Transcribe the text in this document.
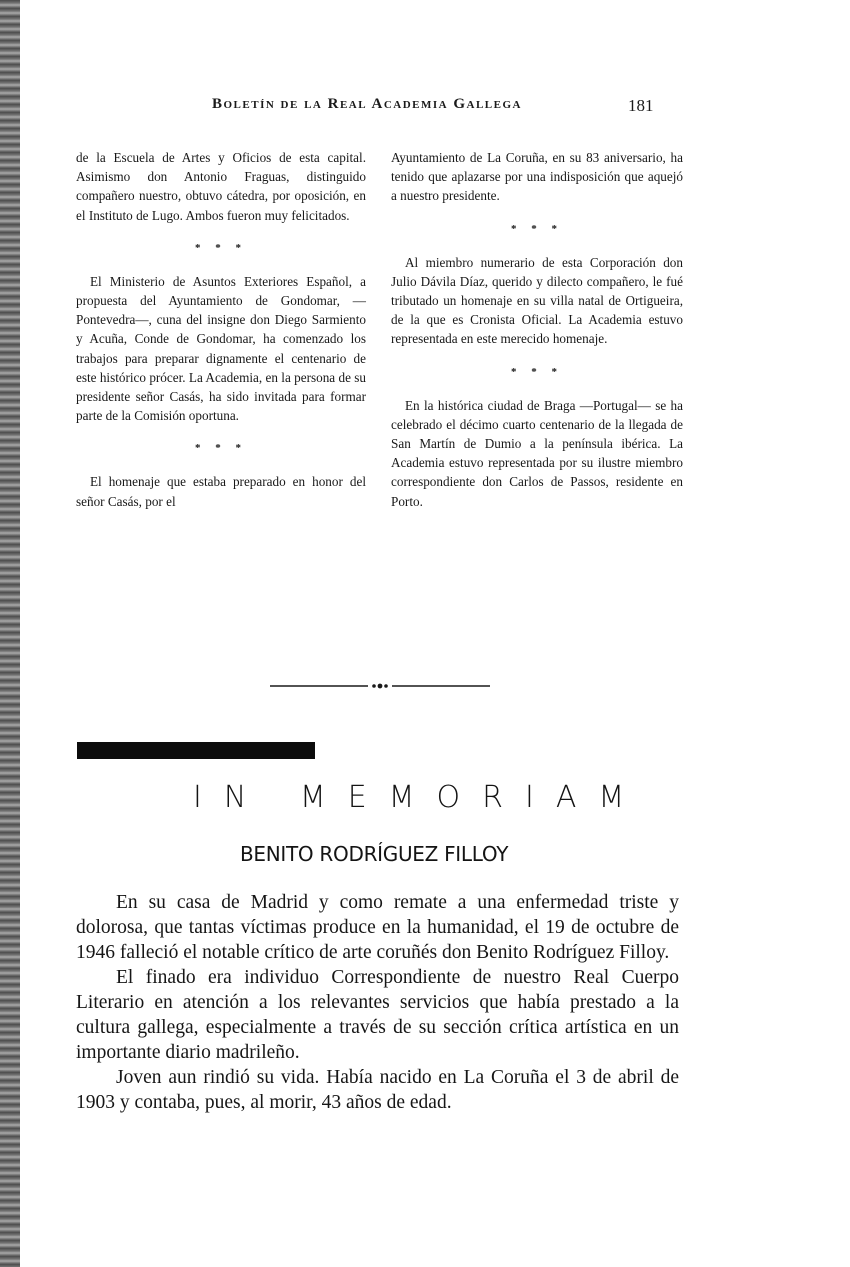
Boletín de la Real Academia Gallega	181

de la Escuela de Artes y Oficios de esta capital. Asimismo don Antonio Fraguas, distinguido compañero nuestro, obtuvo cátedra, por oposición, en el Instituto de Lugo. Ambos fueron muy felicitados.

* * *

El Ministerio de Asuntos Exteriores Español, a propuesta del Ayuntamiento de Gondomar, —Pontevedra—, cuna del insigne don Diego Sarmiento y Acuña, Conde de Gondomar, ha comenzado los trabajos para preparar dignamente el centenario de este histórico prócer. La Academia, en la persona de su presidente señor Casás, ha sido invitada para formar parte de la Comisión oportuna.

* * *

El homenaje que estaba preparado en honor del señor Casás, por el

Ayuntamiento de La Coruña, en su 83 aniversario, ha tenido que aplazarse por una indisposición que aquejó a nuestro presidente.

* * *

Al miembro numerario de esta Corporación don Julio Dávila Díaz, querido y dilecto compañero, le fué tributado un homenaje en su villa natal de Ortigueira, de la que es Cronista Oficial. La Academia estuvo representada en este merecido homenaje.

* * *

En la histórica ciudad de Braga —Portugal— se ha celebrado el décimo cuarto centenario de la llegada de San Martín de Dumio a la península ibérica. La Academia estuvo representada por su ilustre miembro correspondiente don Carlos de Passos, residente en Porto.

IN MEMORIAM
BENITO RODRÍGUEZ FILLOY

En su casa de Madrid y como remate a una enfermedad triste y dolorosa, que tantas víctimas produce en la humanidad, el 19 de octubre de 1946 falleció el notable crítico de arte coruñés don Benito Rodríguez Filloy.

El finado era individuo Correspondiente de nuestro Real Cuerpo Literario en atención a los relevantes servicios que había prestado a la cultura gallega, especialmente a través de su sección crítica artística en un importante diario madrileño.

Joven aun rindió su vida. Había nacido en La Coruña el 3 de abril de 1903 y contaba, pues, al morir, 43 años de edad.
